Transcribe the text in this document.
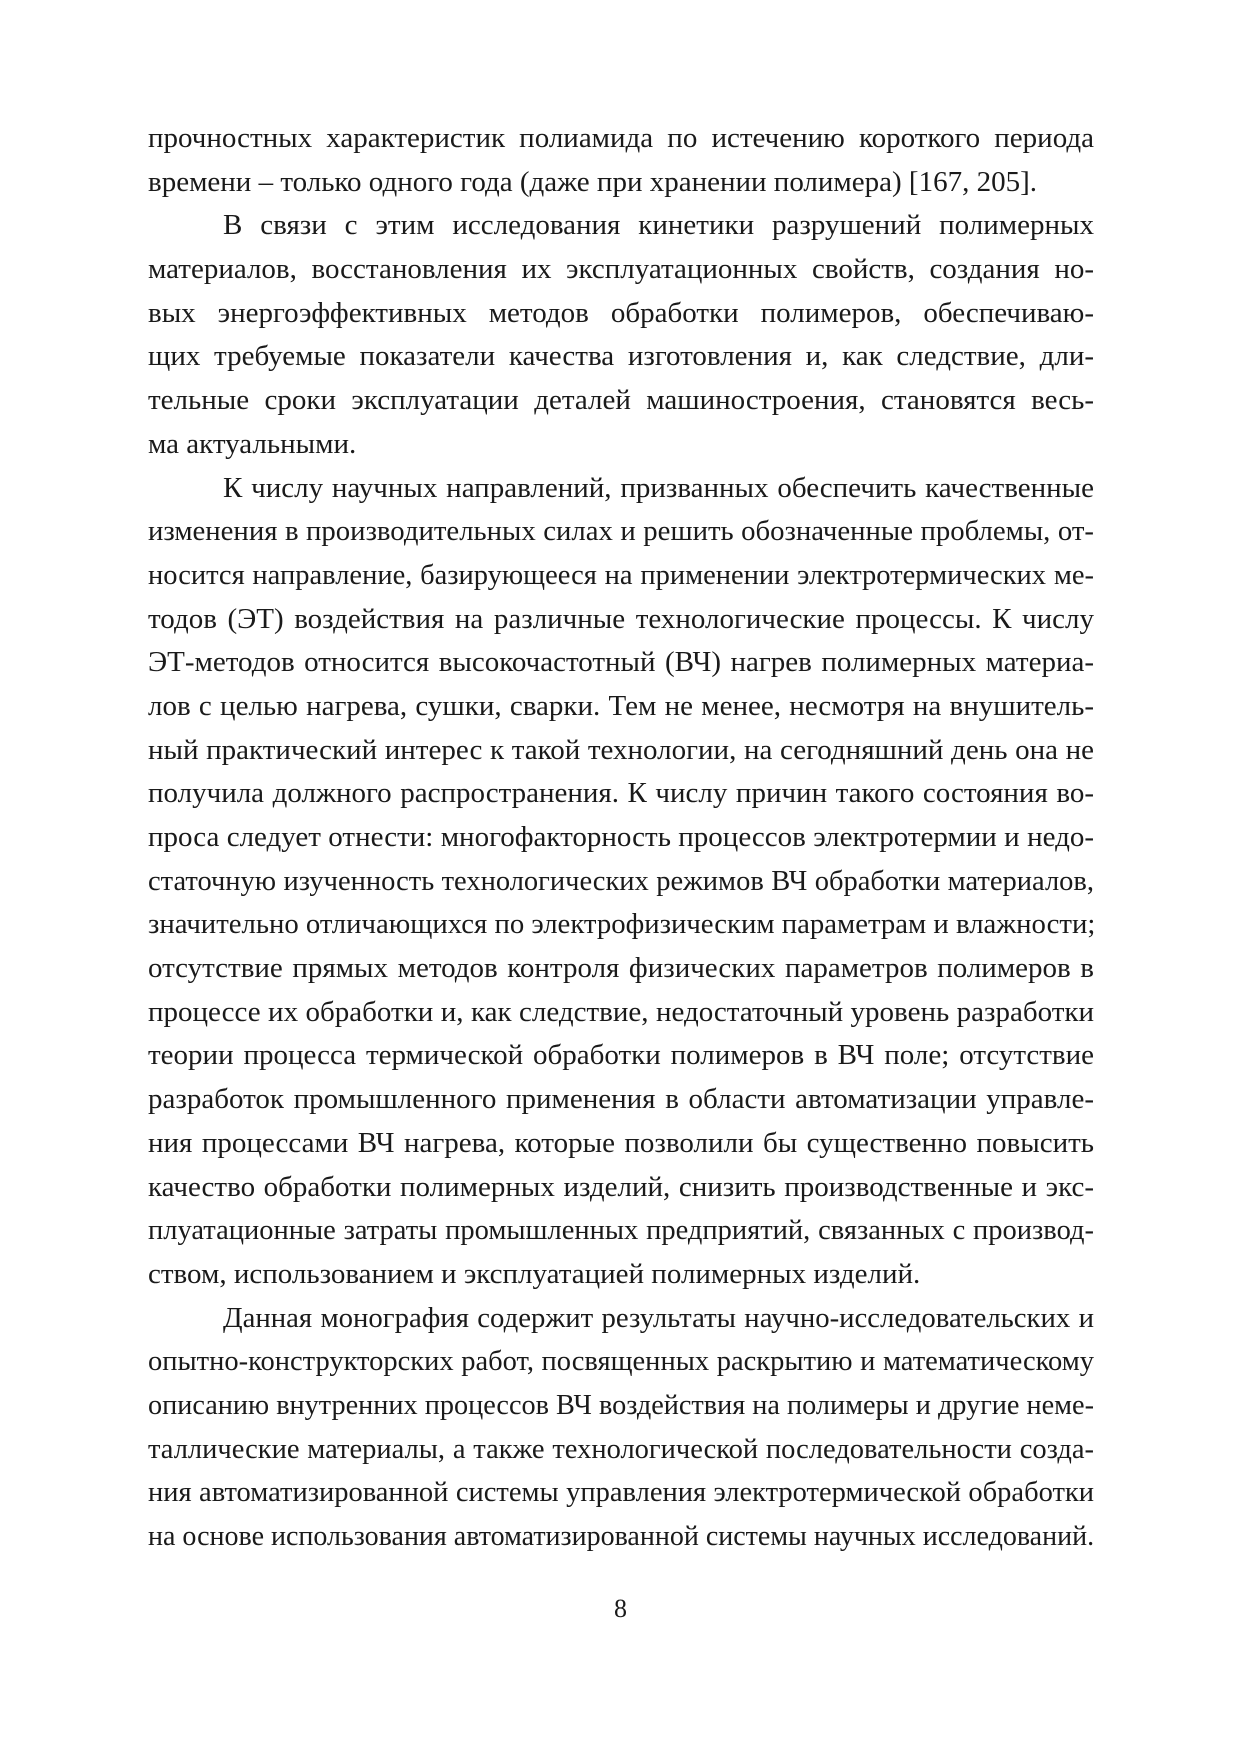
прочностных характеристик полиамида по истечению короткого периода
времени – только одного года (даже при хранении полимера) [167, 205].
В связи с этим исследования кинетики разрушений полимерных
материалов, восстановления их эксплуатационных свойств, создания но-
вых энергоэффективных методов обработки полимеров, обеспечиваю-
щих требуемые показатели качества изготовления и, как следствие, дли-
тельные сроки эксплуатации деталей машиностроения, становятся весь-
ма актуальными.
К числу научных направлений, призванных обеспечить качественные
изменения в производительных силах и решить обозначенные проблемы, от-
носится направление, базирующееся на применении электротермических ме-
тодов (ЭТ) воздействия на различные технологические процессы. К числу
ЭТ-методов относится высокочастотный (ВЧ) нагрев полимерных материа-
лов с целью нагрева, сушки, сварки. Тем не менее, несмотря на внушитель-
ный практический интерес к такой технологии, на сегодняшний день она не
получила должного распространения. К числу причин такого состояния во-
проса следует отнести: многофакторность процессов электротермии и недо-
статочную изученность технологических режимов ВЧ обработки материалов,
значительно отличающихся по электрофизическим параметрам и влажности;
отсутствие прямых методов контроля физических параметров полимеров в
процессе их обработки и, как следствие, недостаточный уровень разработки
теории процесса термической обработки полимеров в ВЧ поле; отсутствие
разработок промышленного применения в области автоматизации управле-
ния процессами ВЧ нагрева, которые позволили бы существенно повысить
качество обработки полимерных изделий, снизить производственные и экс-
плуатационные затраты промышленных предприятий, связанных с производ-
ством, использованием и эксплуатацией полимерных изделий.
Данная монография содержит результаты научно-исследовательских и
опытно-конструкторских работ, посвященных раскрытию и математическому
описанию внутренних процессов ВЧ воздействия на полимеры и другие неме-
таллические материалы, а также технологической последовательности созда-
ния автоматизированной системы управления электротермической обработки
на основе использования автоматизированной системы научных исследований.
8
